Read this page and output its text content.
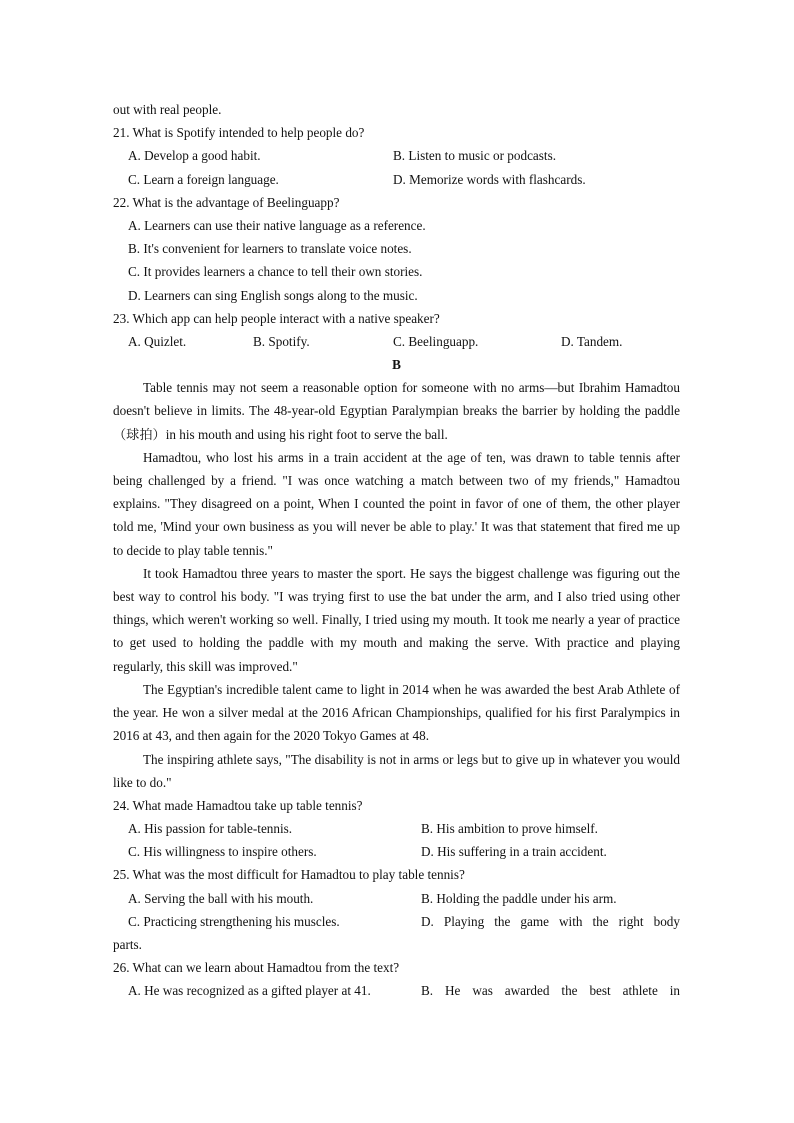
out with real people.
21. What is Spotify intended to help people do?
A. Develop a good habit.	B. Listen to music or podcasts.
C. Learn a foreign language.	D. Memorize words with flashcards.
22. What is the advantage of Beelinguapp?
A. Learners can use their native language as a reference.
B. It's convenient for learners to translate voice notes.
C. It provides learners a chance to tell their own stories.
D. Learners can sing English songs along to the music.
23. Which app can help people interact with a native speaker?
A. Quizlet.	B. Spotify.	C. Beelinguapp.	D. Tandem.
B

Table tennis may not seem a reasonable option for someone with no arms—but Ibrahim Hamadtou doesn't believe in limits. The 48-year-old Egyptian Paralympian breaks the barrier by holding the paddle（球拍）in his mouth and using his right foot to serve the ball.

Hamadtou, who lost his arms in a train accident at the age of ten, was drawn to table tennis after being challenged by a friend. "I was once watching a match between two of my friends," Hamadtou explains. "They disagreed on a point, When I counted the point in favor of one of them, the other player told me, 'Mind your own business as you will never be able to play.' It was that statement that fired me up to decide to play table tennis."

It took Hamadtou three years to master the sport. He says the biggest challenge was figuring out the best way to control his body. "I was trying first to use the bat under the arm, and I also tried using other things, which weren't working so well. Finally, I tried using my mouth. It took me nearly a year of practice to get used to holding the paddle with my mouth and making the serve. With practice and playing regularly, this skill was improved."

The Egyptian's incredible talent came to light in 2014 when he was awarded the best Arab Athlete of the year. He won a silver medal at the 2016 African Championships, qualified for his first Paralympics in 2016 at 43, and then again for the 2020 Tokyo Games at 48.

The inspiring athlete says, "The disability is not in arms or legs but to give up in whatever you would like to do."

24. What made Hamadtou take up table tennis?
A. His passion for table-tennis.	B. His ambition to prove himself.
C. His willingness to inspire others.	D. His suffering in a train accident.
25. What was the most difficult for Hamadtou to play table tennis?
A. Serving the ball with his mouth.	B. Holding the paddle under his arm.
C. Practicing strengthening his muscles.	D. Playing the game with the right body
parts.
26. What can we learn about Hamadtou from the text?
A. He was recognized as a gifted player at 41.	B. He was awarded the best athlete in
